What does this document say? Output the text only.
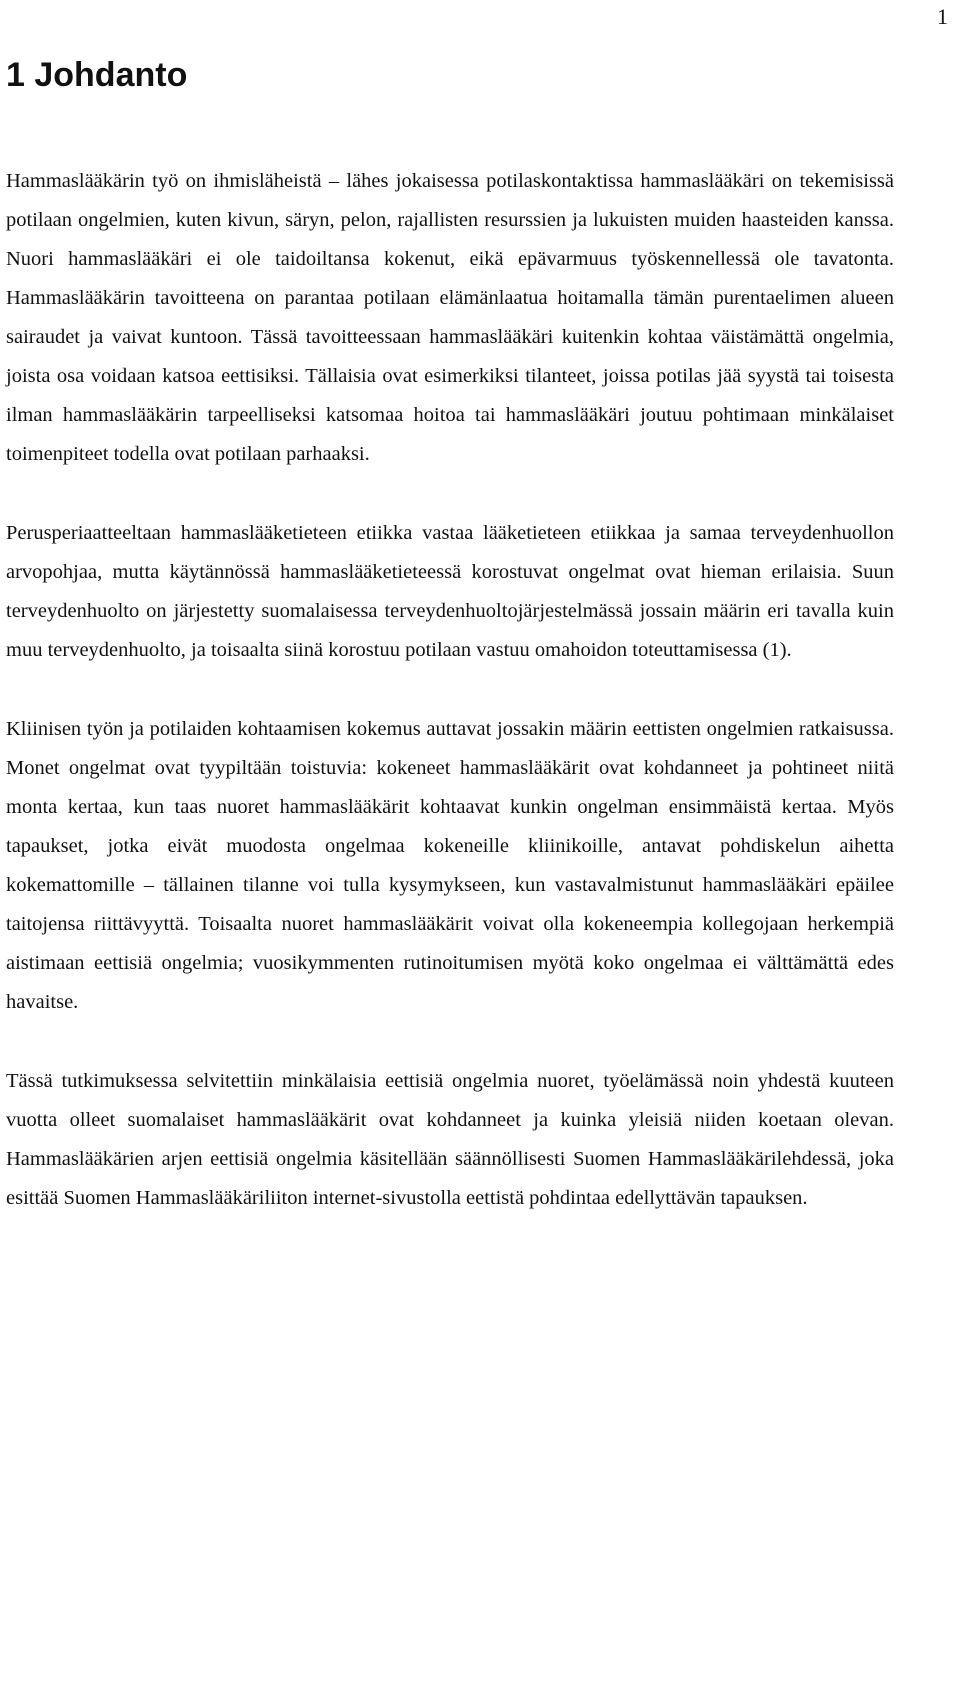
1
1 Johdanto

Hammaslääkärin työ on ihmisläheistä – lähes jokaisessa potilaskontaktissa hammaslääkäri on tekemisissä potilaan ongelmien, kuten kivun, säryn, pelon, rajallisten resurssien ja lukuisten muiden haasteiden kanssa. Nuori hammaslääkäri ei ole taidoiltansa kokenut, eikä epävarmuus työskennellessä ole tavatonta. Hammaslääkärin tavoitteena on parantaa potilaan elämänlaatua hoitamalla tämän purentaelimen alueen sairaudet ja vaivat kuntoon. Tässä tavoitteessaan hammaslääkäri kuitenkin kohtaa väistämättä ongelmia, joista osa voidaan katsoa eettisiksi. Tällaisia ovat esimerkiksi tilanteet, joissa potilas jää syystä tai toisesta ilman hammaslääkärin tarpeelliseksi katsomaa hoitoa tai hammaslääkäri joutuu pohtimaan minkälaiset toimenpiteet todella ovat potilaan parhaaksi.

Perusperiaatteeltaan hammaslääketieteen etiikka vastaa lääketieteen etiikkaa ja samaa terveydenhuollon arvopohjaa, mutta käytännössä hammaslääketieteessä korostuvat ongelmat ovat hieman erilaisia. Suun terveydenhuolto on järjestetty suomalaisessa terveydenhuoltojärjestelmässä jossain määrin eri tavalla kuin muu terveydenhuolto, ja toisaalta siinä korostuu potilaan vastuu omahoidon toteuttamisessa (1).

Kliinisen työn ja potilaiden kohtaamisen kokemus auttavat jossakin määrin eettisten ongelmien ratkaisussa. Monet ongelmat ovat tyypiltään toistuvia: kokeneet hammaslääkärit ovat kohdanneet ja pohtineet niitä monta kertaa, kun taas nuoret hammaslääkärit kohtaavat kunkin ongelman ensimmäistä kertaa. Myös tapaukset, jotka eivät muodosta ongelmaa kokeneille kliinikoille, antavat pohdiskelun aihetta kokemattomille – tällainen tilanne voi tulla kysymykseen, kun vastavalmistunut hammaslääkäri epäilee taitojensa riittävyyttä. Toisaalta nuoret hammaslääkärit voivat olla kokeneempia kollegojaan herkempiä aistimaan eettisiä ongelmia; vuosikymmenten rutinoitumisen myötä koko ongelmaa ei välttämättä edes havaitse.

Tässä tutkimuksessa selvitettiin minkälaisia eettisiä ongelmia nuoret, työelämässä noin yhdestä kuuteen vuotta olleet suomalaiset hammaslääkärit ovat kohdanneet ja kuinka yleisiä niiden koetaan olevan. Hammaslääkärien arjen eettisiä ongelmia käsitellään säännöllisesti Suomen Hammaslääkärilehdessä, joka esittää Suomen Hammaslääkäriliiton internet-sivustolla eettistä pohdintaa edellyttävän tapauksen.
